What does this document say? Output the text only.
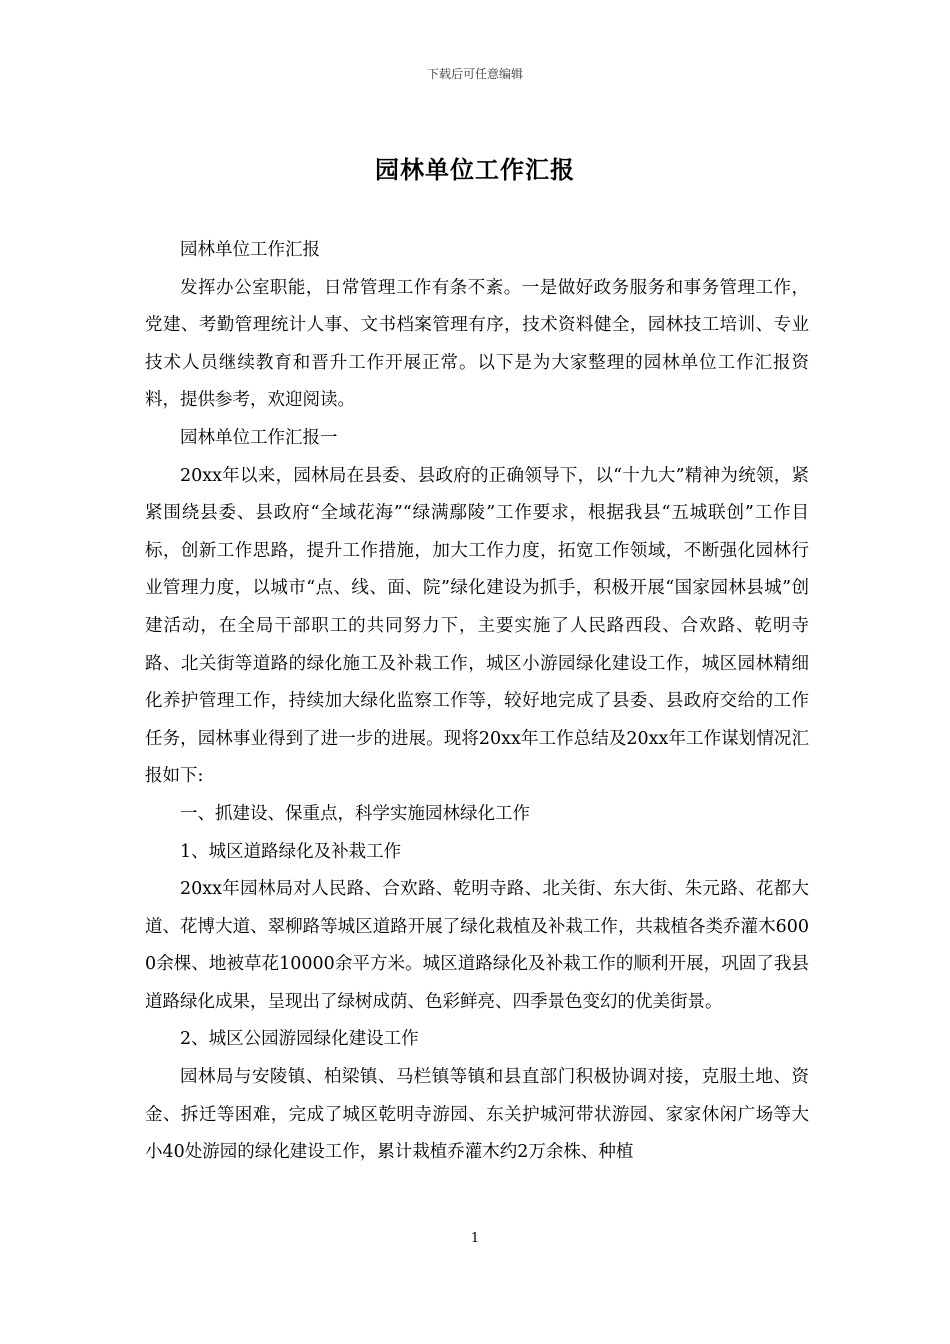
下载后可任意编辑
园林单位工作汇报

园林单位工作汇报

发挥办公室职能，日常管理工作有条不紊。一是做好政务服务和事务管理工作，党建、考勤管理统计人事、文书档案管理有序，技术资料健全，园林技工培训、专业技术人员继续教育和晋升工作开展正常。以下是为大家整理的园林单位工作汇报资料，提供参考，欢迎阅读。

园林单位工作汇报一

20xx年以来，园林局在县委、县政府的正确领导下，以“十九大”精神为统领，紧紧围绕县委、县政府“全域花海”“绿满鄢陵”工作要求，根据我县“五城联创”工作目标，创新工作思路，提升工作措施，加大工作力度，拓宽工作领域，不断强化园林行业管理力度，以城市“点、线、面、院”绿化建设为抓手，积极开展“国家园林县城”创建活动，在全局干部职工的共同努力下，主要实施了人民路西段、合欢路、乾明寺路、北关街等道路的绿化施工及补栽工作，城区小游园绿化建设工作，城区园林精细化养护管理工作，持续加大绿化监察工作等，较好地完成了县委、县政府交给的工作任务，园林事业得到了进一步的进展。现将20xx年工作总结及20xx年工作谋划情况汇报如下:

一、抓建设、保重点，科学实施园林绿化工作

1、城区道路绿化及补栽工作

20xx年园林局对人民路、合欢路、乾明寺路、北关街、东大街、朱元路、花都大道、花博大道、翠柳路等城区道路开展了绿化栽植及补栽工作，共栽植各类乔灌木6000余棵、地被草花10000余平方米。城区道路绿化及补栽工作的顺利开展，巩固了我县道路绿化成果，呈现出了绿树成荫、色彩鲜亮、四季景色变幻的优美街景。

2、城区公园游园绿化建设工作

园林局与安陵镇、柏梁镇、马栏镇等镇和县直部门积极协调对接，克服土地、资金、拆迁等困难，完成了城区乾明寺游园、东关护城河带状游园、家家休闲广场等大小40处游园的绿化建设工作，累计栽植乔灌木约2万余株、种植

1
